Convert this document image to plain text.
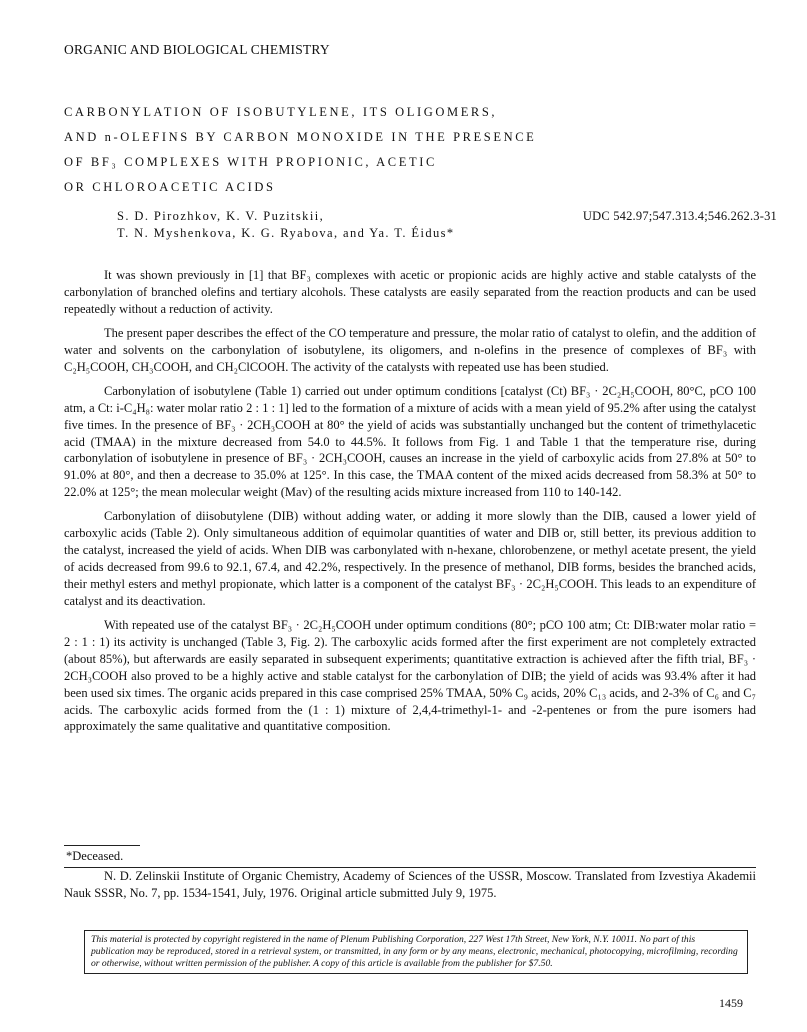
ORGANIC AND BIOLOGICAL CHEMISTRY
CARBONYLATION OF ISOBUTYLENE, ITS OLIGOMERS,
AND n-OLEFINS BY CARBON MONOXIDE IN THE PRESENCE
OF BF₃ COMPLEXES WITH PROPIONIC, ACETIC
OR CHLOROACETIC ACIDS
S. D. Pirozhkov, K. V. Puzitskii,	UDC 542.97;547.313.4;546.262.3-31
T. N. Myshenkova, K. G. Ryabova, and Ya. T. Éidus*

It was shown previously in [1] that BF₃ complexes with acetic or propionic acids are highly active and stable catalysts of the carbonylation of branched olefins and tertiary alcohols. These catalysts are easily separated from the reaction products and can be used repeatedly without a reduction of activity.

The present paper describes the effect of the CO temperature and pressure, the molar ratio of catalyst to olefin, and the addition of water and solvents on the carbonylation of isobutylene, its oligomers, and n-olefins in the presence of complexes of BF₃ with C₂H₅COOH, CH₃COOH, and CH₂ClCOOH. The activity of the catalysts with repeated use has been studied.

Carbonylation of isobutylene (Table 1) carried out under optimum conditions [catalyst (Ct) BF₃ · 2C₂H₅COOH, 80°C, pCO 100 atm, a Ct: i-C₄H₈: water molar ratio 2 : 1 : 1] led to the formation of a mixture of acids with a mean yield of 95.2% after using the catalyst five times. In the presence of BF₃ · 2CH₃COOH at 80° the yield of acids was substantially unchanged but the content of trimethylacetic acid (TMAA) in the mixture decreased from 54.0 to 44.5%. It follows from Fig. 1 and Table 1 that the temperature rise, during carbonylation of isobutylene in presence of BF₃ · 2CH₃COOH, causes an increase in the yield of carboxylic acids from 27.8% at 50° to 91.0% at 80°, and then a decrease to 35.0% at 125°. In this case, the TMAA content of the mixed acids decreased from 58.3% at 50° to 22.0% at 125°; the mean molecular weight (Mav) of the resulting acids mixture increased from 110 to 140-142.

Carbonylation of diisobutylene (DIB) without adding water, or adding it more slowly than the DIB, caused a lower yield of carboxylic acids (Table 2). Only simultaneous addition of equimolar quantities of water and DIB or, still better, its previous addition to the catalyst, increased the yield of acids. When DIB was carbonylated with n-hexane, chlorobenzene, or methyl acetate present, the yield of acids decreased from 99.6 to 92.1, 67.4, and 42.2%, respectively. In the presence of methanol, DIB forms, besides the branched acids, their methyl esters and methyl propionate, which latter is a component of the catalyst BF₃ · 2C₂H₅COOH. This leads to an expenditure of catalyst and its deactivation.

With repeated use of the catalyst BF₃ · 2C₂H₅COOH under optimum conditions (80°; pCO 100 atm; Ct: DIB:water molar ratio = 2 : 1 : 1) its activity is unchanged (Table 3, Fig. 2). The carboxylic acids formed after the first experiment are not completely extracted (about 85%), but afterwards are easily separated in subsequent experiments; quantitative extraction is achieved after the fifth trial, BF₃ · 2CH₃COOH also proved to be a highly active and stable catalyst for the carbonylation of DIB; the yield of acids was 93.4% after it had been used six times. The organic acids prepared in this case comprised 25% TMAA, 50% C₉ acids, 20% C₁₃ acids, and 2-3% of C₆ and C₇ acids. The carboxylic acids formed from the (1 : 1) mixture of 2,4,4-trimethyl-1- and -2-pentenes or from the pure isomers had approximately the same qualitative and quantitative composition.

*Deceased.
N. D. Zelinskii Institute of Organic Chemistry, Academy of Sciences of the USSR, Moscow. Translated from Izvestiya Akademii Nauk SSSR, No. 7, pp. 1534-1541, July, 1976. Original article submitted July 9, 1975.
This material is protected by copyright registered in the name of Plenum Publishing Corporation, 227 West 17th Street, New York, N.Y. 10011. No part of this publication may be reproduced, stored in a retrieval system, or transmitted, in any form or by any means, electronic, mechanical, photocopying, microfilming, recording or otherwise, without written permission of the publisher. A copy of this article is available from the publisher for $7.50.
1459
